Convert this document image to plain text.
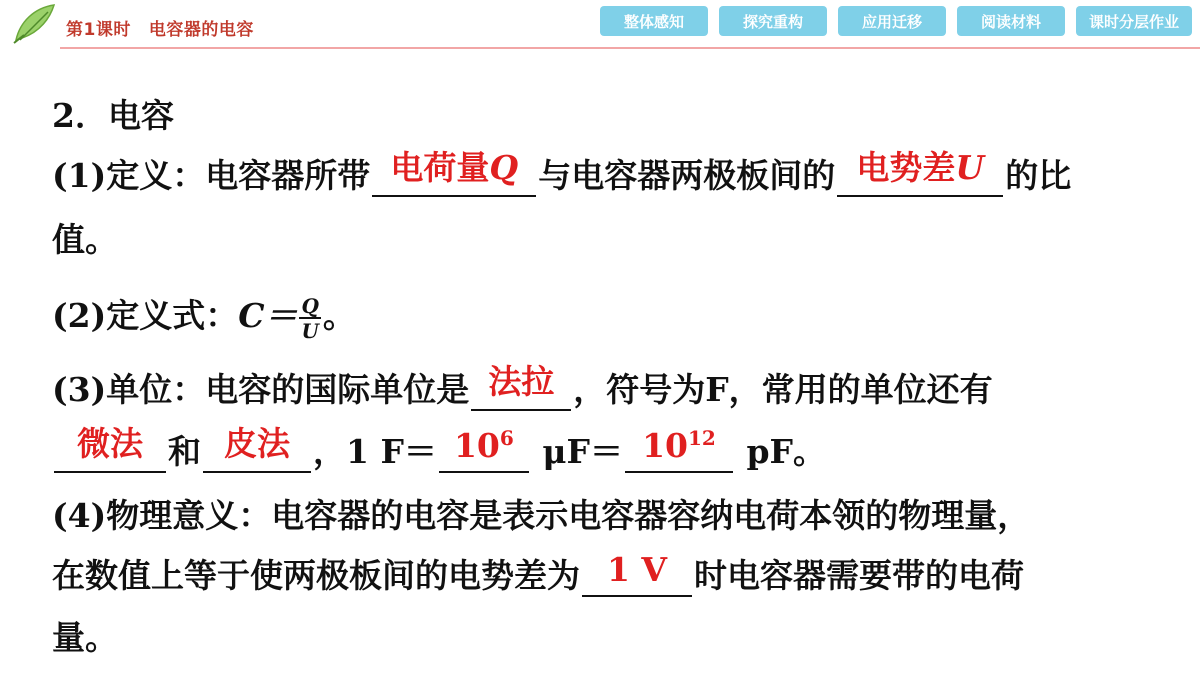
第1课时 电容器的电容	整体感知	探究重构	应用迁移	阅读材料	课时分层作业
2．电容
(1)定义：电容器所带 电荷量Q 与电容器两极板间的 电势差U 的比
值。
(2)定义式：$C= \frac{Q}{U}$ 。
(3)单位：电容的国际单位是 法拉 ，符号为F，常用的单位还有
微法 和 皮法 ，1 $F= 10^6$ $\mu F= 10^{12}$ pF。
(4)物理意义：电容器的电容是表示电容器容纳电荷本领的物理量，
在数值上等于使两极板间的电势差为 1 V 时电容器需要带的电荷
量。
